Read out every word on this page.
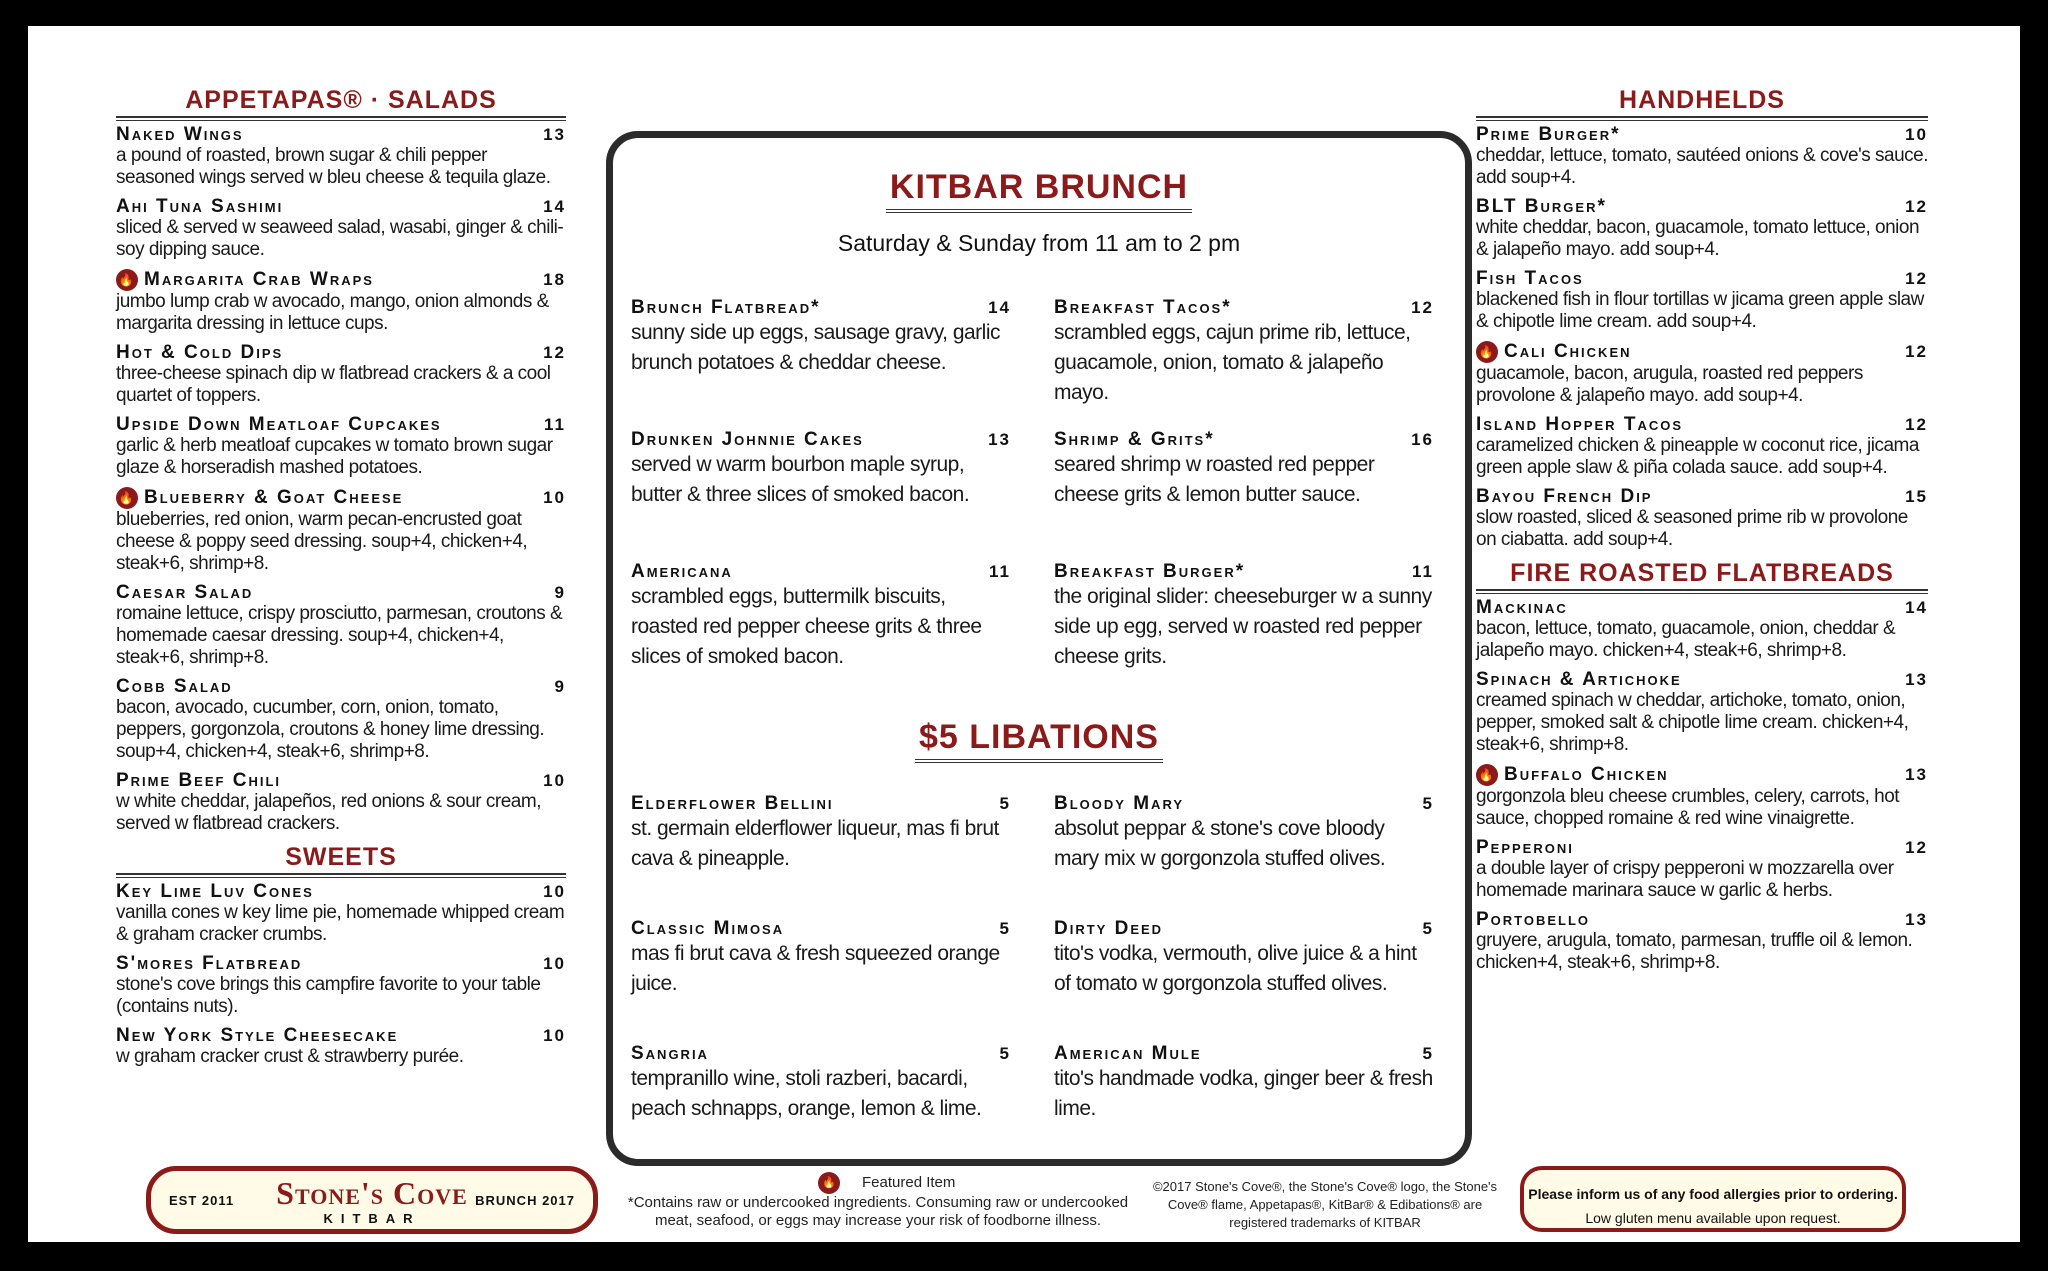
APPETAPAS® · SALADS
Naked Wings	13
a pound of roasted, brown sugar & chili pepper seasoned wings served w bleu cheese & tequila glaze.
Ahi Tuna Sashimi	14
sliced & served w seaweed salad, wasabi, ginger & chili-soy dipping sauce.
🔥 Margarita Crab Wraps	18
jumbo lump crab w avocado, mango, onion almonds & margarita dressing in lettuce cups.
Hot & Cold Dips	12
three-cheese spinach dip w flatbread crackers & a cool quartet of toppers.
Upside Down Meatloaf Cupcakes	11
garlic & herb meatloaf cupcakes w tomato brown sugar glaze & horseradish mashed potatoes.
🔥 Blueberry & Goat Cheese	10
blueberries, red onion, warm pecan-encrusted goat cheese & poppy seed dressing. soup+4, chicken+4, steak+6, shrimp+8.
Caesar Salad	9
romaine lettuce, crispy prosciutto, parmesan, croutons & homemade caesar dressing. soup+4, chicken+4, steak+6, shrimp+8.
Cobb Salad	9
bacon, avocado, cucumber, corn, onion, tomato, peppers, gorgonzola, croutons & honey lime dressing. soup+4, chicken+4, steak+6, shrimp+8.
Prime Beef Chili	10
w white cheddar, jalapeños, red onions & sour cream, served w flatbread crackers.
SWEETS
Key Lime Luv Cones	10
vanilla cones w key lime pie, homemade whipped cream & graham cracker crumbs.
S'mores Flatbread	10
stone's cove brings this campfire favorite to your table (contains nuts).
New York Style Cheesecake	10
w graham cracker crust & strawberry purée.
HANDHELDS
Prime Burger*	10
cheddar, lettuce, tomato, sautéed onions & cove's sauce. add soup+4.
BLT Burger*	12
white cheddar, bacon, guacamole, tomato lettuce, onion & jalapeño mayo. add soup+4.
Fish Tacos	12
blackened fish in flour tortillas w jicama green apple slaw & chipotle lime cream. add soup+4.
🔥 Cali Chicken	12
guacamole, bacon, arugula, roasted red peppers provolone & jalapeño mayo. add soup+4.
Island Hopper Tacos	12
caramelized chicken & pineapple w coconut rice, jicama green apple slaw & piña colada sauce. add soup+4.
Bayou French Dip	15
slow roasted, sliced & seasoned prime rib w provolone on ciabatta. add soup+4.
FIRE ROASTED FLATBREADS
Mackinac	14
bacon, lettuce, tomato, guacamole, onion, cheddar & jalapeño mayo. chicken+4, steak+6, shrimp+8.
Spinach & Artichoke	13
creamed spinach w cheddar, artichoke, tomato, onion, pepper, smoked salt & chipotle lime cream. chicken+4, steak+6, shrimp+8.
🔥 Buffalo Chicken	13
gorgonzola bleu cheese crumbles, celery, carrots, hot sauce, chopped romaine & red wine vinaigrette.
Pepperoni	12
a double layer of crispy pepperoni w mozzarella over homemade marinara sauce w garlic & herbs.
Portobello	13
gruyere, arugula, tomato, parmesan, truffle oil & lemon. chicken+4, steak+6, shrimp+8.
KITBAR BRUNCH
Saturday & Sunday from 11 am to 2 pm
Brunch Flatbread*	14
sunny side up eggs, sausage gravy, garlic brunch potatoes & cheddar cheese.
Breakfast Tacos*	12
scrambled eggs, cajun prime rib, lettuce, guacamole, onion, tomato & jalapeño mayo.
Drunken Johnnie Cakes	13
served w warm bourbon maple syrup, butter & three slices of smoked bacon.
Shrimp & Grits*	16
seared shrimp w roasted red pepper cheese grits & lemon butter sauce.
Americana	11
scrambled eggs, buttermilk biscuits, roasted red pepper cheese grits & three slices of smoked bacon.
Breakfast Burger*	11
the original slider: cheeseburger w a sunny side up egg, served w roasted red pepper cheese grits.
$5 LIBATIONS
Elderflower Bellini	5
st. germain elderflower liqueur, mas fi brut cava & pineapple.
Bloody Mary	5
absolut peppar & stone's cove bloody mary mix w gorgonzola stuffed olives.
Classic Mimosa	5
mas fi brut cava & fresh squeezed orange juice.
Dirty Deed	5
tito's vodka, vermouth, olive juice & a hint of tomato w gorgonzola stuffed olives.
Sangria	5
tempranillo wine, stoli razberi, bacardi, peach schnapps, orange, lemon & lime.
American Mule	5
tito's handmade vodka, ginger beer & fresh lime.
EST 2011	Stone's Cove
KITBAR
BRUNCH 2017
🔥 Featured Item
*Contains raw or undercooked ingredients. Consuming raw or undercooked meat, seafood, or eggs may increase your risk of foodborne illness.
©2017 Stone's Cove®, the Stone's Cove® logo, the Stone's Cove® flame, Appetapas®, KitBar® & Edibations® are registered trademarks of KITBAR
Please inform us of any food allergies prior to ordering.
Low gluten menu available upon request.
